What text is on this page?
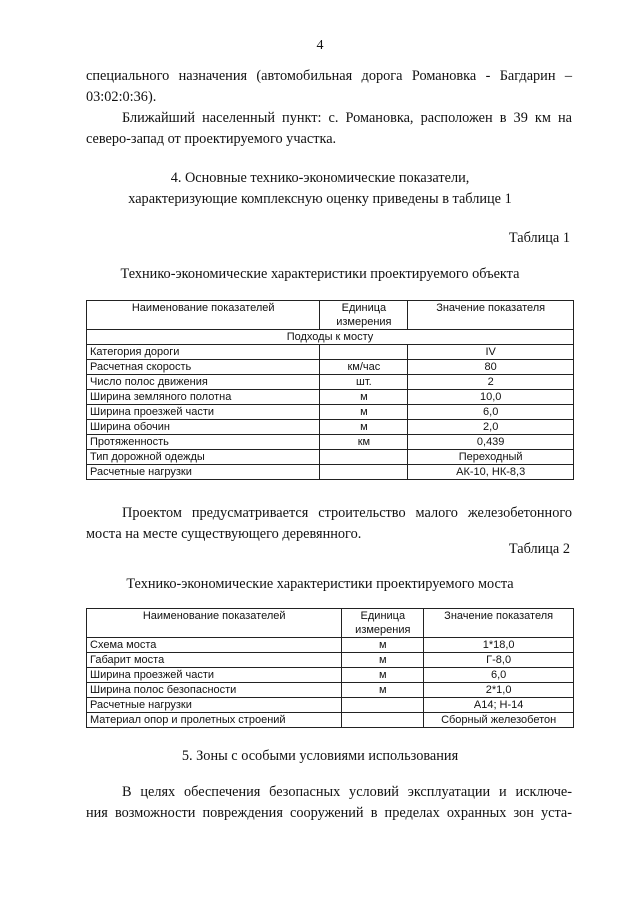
4
специального назначения (автомобильная дорога Романовка - Багдарин –
03:02:0:36).
Ближайший населенный пункт: с. Романовка, расположен в 39 км на
северо-запад от проектируемого участка.
4. Основные технико-экономические показатели,
характеризующие комплексную оценку приведены в таблице 1
Таблица 1
Технико-экономические характеристики проектируемого объекта
Наименование показателей	Единица измерения	Значение показателя
Подходы к мосту		
Категория дороги		IV
Расчетная скорость	км/час	80
Число полос движения	шт.	2
Ширина земляного полотна	м	10,0
Ширина проезжей части	м	6,0
Ширина обочин	м	2,0
Протяженность	км	0,439
Тип дорожной одежды		Переходный
Расчетные нагрузки		АК-10, НК-8,3
Проектом предусматривается строительство малого железобетонного
моста на месте существующего деревянного.
Таблица 2
Технико-экономические характеристики проектируемого моста
Наименование показателей	Единица измерения	Значение показателя
Схема моста	м	1*18,0
Габарит моста	м	Г-8,0
Ширина проезжей части	м	6,0
Ширина полос безопасности	м	2*1,0
Расчетные нагрузки		А14; Н-14
Материал опор и пролетных строений		Сборный железобетон
5. Зоны с особыми условиями использования
В целях обеспечения безопасных условий эксплуатации и исключе-
ния возможности повреждения сооружений в пределах охранных зон уста-
